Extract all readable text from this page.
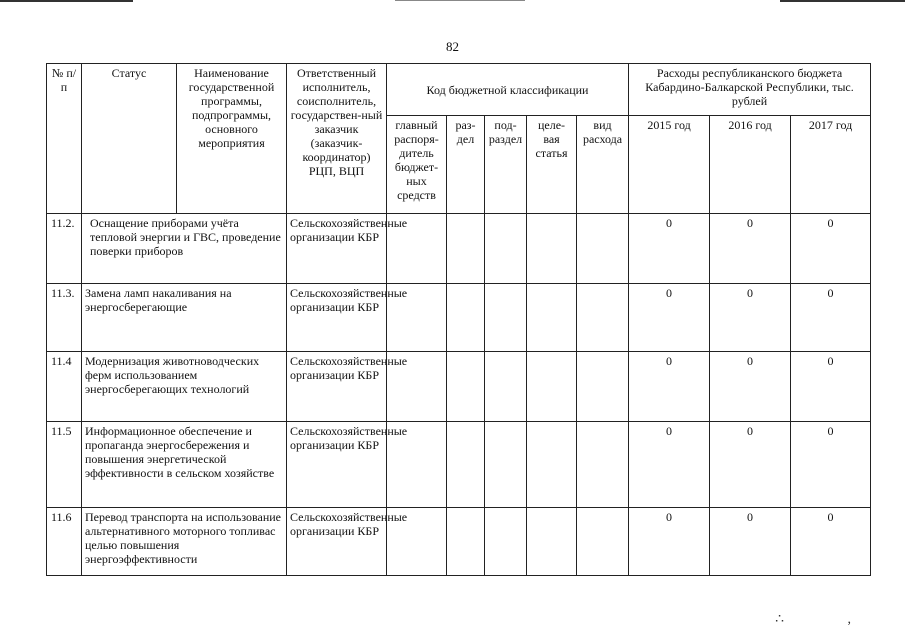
82
№ п/п	Статус	Наименование государственной программы, подпрограммы, основного мероприятия	Ответственный исполнитель, соисполнитель, государствен-ный заказчик (заказчик-координатор) РЦП, ВЦП	Код бюджетной классификации					Расходы республиканского бюджета Кабардино-Балкарской Республики, тыс. рублей		
				главный распоря-дитель бюджет-ных средств	раз-дел	под-раздел	целе-вая статья	вид расхода	2015 год	2016 год	2017 год
11.2.	Оснащение приборами учёта тепловой энергии и ГВС, проведение поверки приборов		Сельскохозяйственные организации КБР						0	0	0
11.3.	Замена ламп накаливания на энергосберегающие		Сельскохозяйственные организации КБР						0	0	0
11.4	Модернизация животноводческих ферм использованием энергосберегающих технологий		Сельскохозяйственные организации КБР						0	0	0
11.5	Информационное обеспечение и пропаганда энергосбережения и повышения энергетической эффективности в сельском хозяйстве		Сельскохозяйственные организации КБР						0	0	0
11.6	Перевод транспорта на использование альтернативного моторного топливас целью повышения энергоэффективности		Сельскохозяйственные организации КБР						0	0	0
∴ ,
